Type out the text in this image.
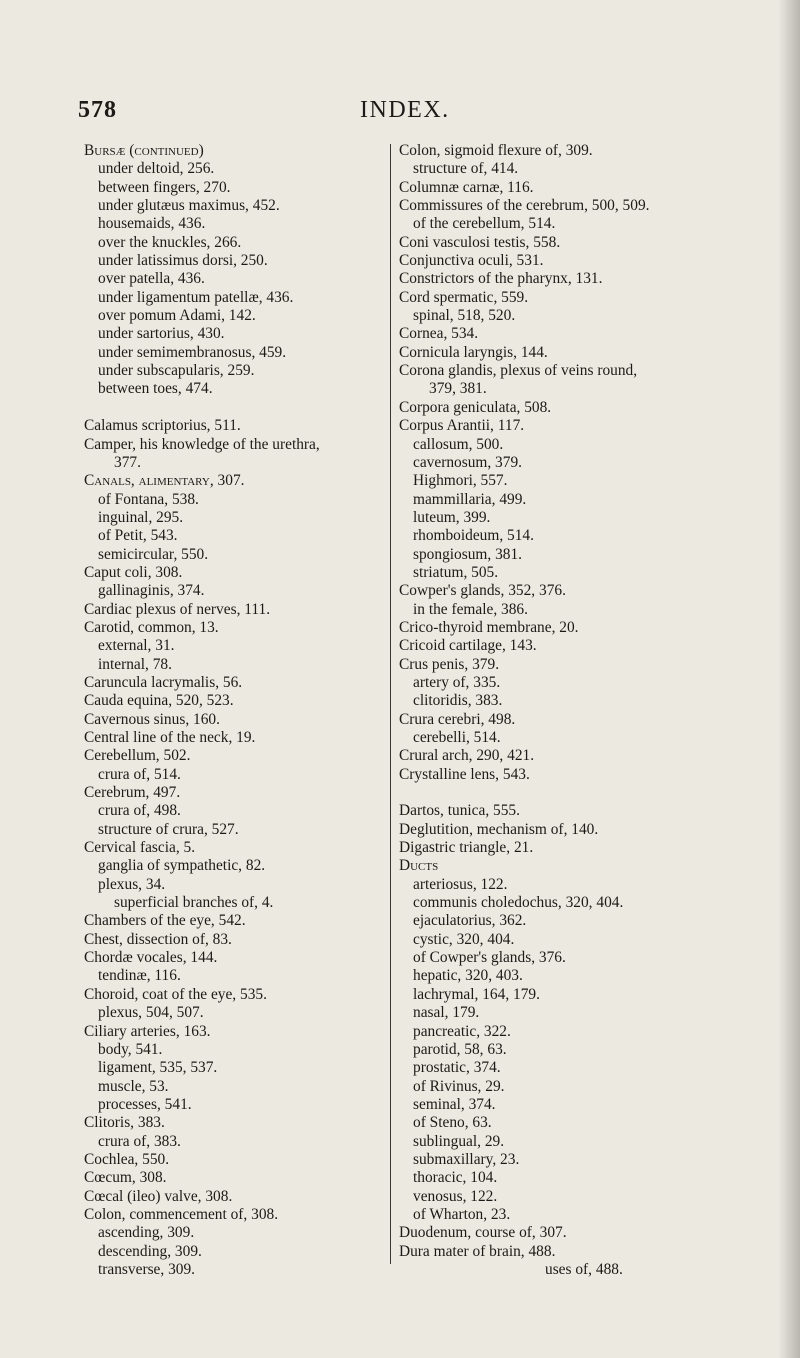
578	INDEX.
Bursæ (continued)
under deltoid, 256.
between fingers, 270.
under glutæus maximus, 452.
housemaids, 436.
over the knuckles, 266.
under latissimus dorsi, 250.
over patella, 436.
under ligamentum patellæ, 436.
over pomum Adami, 142.
under sartorius, 430.
under semimembranosus, 459.
under subscapularis, 259.
between toes, 474.
Calamus scriptorius, 511.
Camper, his knowledge of the urethra,
377.
Canals, alimentary, 307.
of Fontana, 538.
inguinal, 295.
of Petit, 543.
semicircular, 550.
Caput coli, 308.
gallinaginis, 374.
Cardiac plexus of nerves, 111.
Carotid, common, 13.
external, 31.
internal, 78.
Caruncula lacrymalis, 56.
Cauda equina, 520, 523.
Cavernous sinus, 160.
Central line of the neck, 19.
Cerebellum, 502.
crura of, 514.
Cerebrum, 497.
crura of, 498.
structure of crura, 527.
Cervical fascia, 5.
ganglia of sympathetic, 82.
plexus, 34.
superficial branches of, 4.
Chambers of the eye, 542.
Chest, dissection of, 83.
Chordæ vocales, 144.
tendinæ, 116.
Choroid, coat of the eye, 535.
plexus, 504, 507.
Ciliary arteries, 163.
body, 541.
ligament, 535, 537.
muscle, 53.
processes, 541.
Clitoris, 383.
crura of, 383.
Cochlea, 550.
Cœcum, 308.
Cœcal (ileo) valve, 308.
Colon, commencement of, 308.
ascending, 309.
descending, 309.
transverse, 309.
Colon, sigmoid flexure of, 309.
structure of, 414.
Columnæ carnæ, 116.
Commissures of the cerebrum, 500, 509.
of the cerebellum, 514.
Coni vasculosi testis, 558.
Conjunctiva oculi, 531.
Constrictors of the pharynx, 131.
Cord spermatic, 559.
spinal, 518, 520.
Cornea, 534.
Cornicula laryngis, 144.
Corona glandis, plexus of veins round,
379, 381.
Corpora geniculata, 508.
Corpus Arantii, 117.
callosum, 500.
cavernosum, 379.
Highmori, 557.
mammillaria, 499.
luteum, 399.
rhomboideum, 514.
spongiosum, 381.
striatum, 505.
Cowper's glands, 352, 376.
in the female, 386.
Crico-thyroid membrane, 20.
Cricoid cartilage, 143.
Crus penis, 379.
artery of, 335.
clitoridis, 383.
Crura cerebri, 498.
cerebelli, 514.
Crural arch, 290, 421.
Crystalline lens, 543.
Dartos, tunica, 555.
Deglutition, mechanism of, 140.
Digastric triangle, 21.
Ducts
arteriosus, 122.
communis choledochus, 320, 404.
ejaculatorius, 362.
cystic, 320, 404.
of Cowper's glands, 376.
hepatic, 320, 403.
lachrymal, 164, 179.
nasal, 179.
pancreatic, 322.
parotid, 58, 63.
prostatic, 374.
of Rivinus, 29.
seminal, 374.
of Steno, 63.
sublingual, 29.
submaxillary, 23.
thoracic, 104.
venosus, 122.
of Wharton, 23.
Duodenum, course of, 307.
Dura mater of brain, 488.
uses of, 488.
